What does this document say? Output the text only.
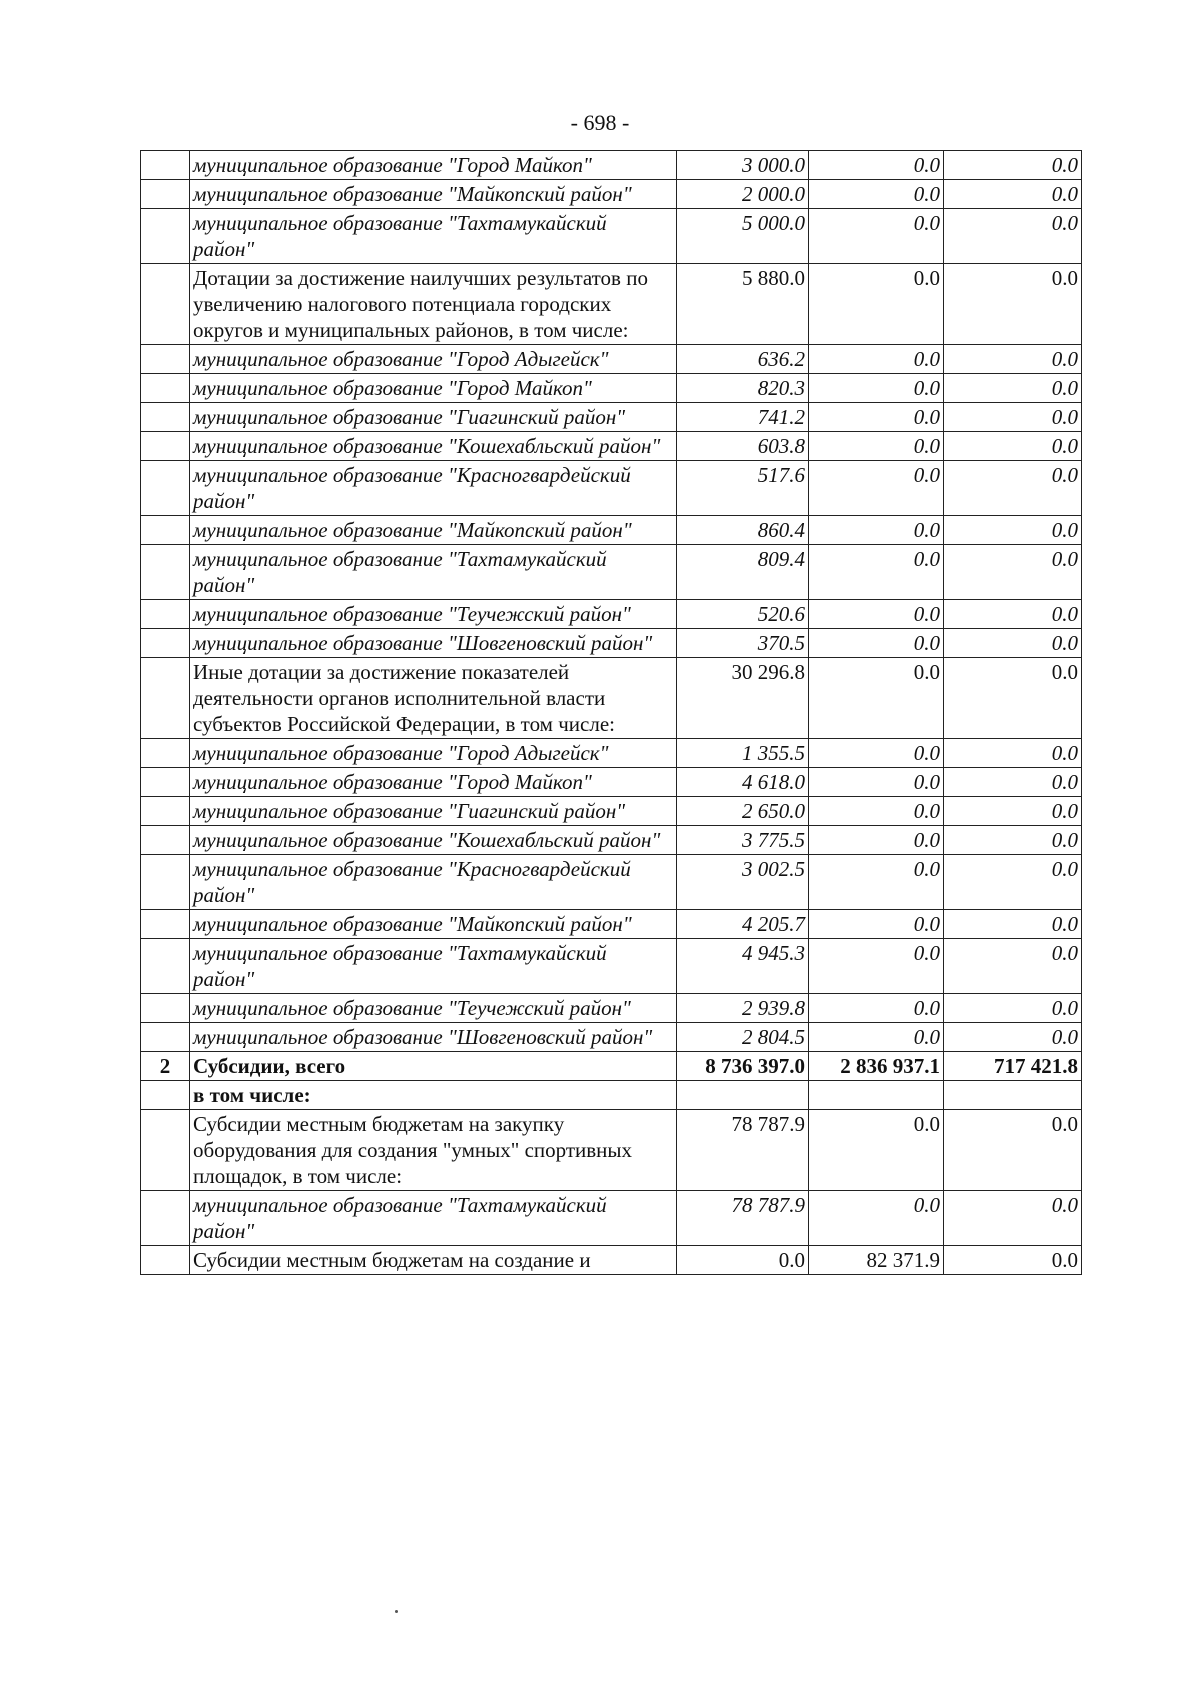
- 698 -
	муниципальное образование "Город Майкоп"	3 000.0	0.0	0.0
	муниципальное образование "Майкопский район"	2 000.0	0.0	0.0
	муниципальное образование "Тахтамукайский район"	5 000.0	0.0	0.0
	Дотации за достижение наилучших результатов по увеличению налогового потенциала городских округов и муниципальных районов, в том числе:	5 880.0	0.0	0.0
	муниципальное образование "Город Адыгейск"	636.2	0.0	0.0
	муниципальное образование "Город Майкоп"	820.3	0.0	0.0
	муниципальное образование "Гиагинский район"	741.2	0.0	0.0
	муниципальное образование "Кошехабльский район"	603.8	0.0	0.0
	муниципальное образование "Красногвардейский район"	517.6	0.0	0.0
	муниципальное образование "Майкопский район"	860.4	0.0	0.0
	муниципальное образование "Тахтамукайский район"	809.4	0.0	0.0
	муниципальное образование "Теучежский район"	520.6	0.0	0.0
	муниципальное образование "Шовгеновский район"	370.5	0.0	0.0
	Иные дотации за достижение показателей деятельности органов исполнительной власти субъектов Российской Федерации, в том числе:	30 296.8	0.0	0.0
	муниципальное образование "Город Адыгейск"	1 355.5	0.0	0.0
	муниципальное образование "Город Майкоп"	4 618.0	0.0	0.0
	муниципальное образование "Гиагинский район"	2 650.0	0.0	0.0
	муниципальное образование "Кошехабльский район"	3 775.5	0.0	0.0
	муниципальное образование "Красногвардейский район"	3 002.5	0.0	0.0
	муниципальное образование "Майкопский район"	4 205.7	0.0	0.0
	муниципальное образование "Тахтамукайский район"	4 945.3	0.0	0.0
	муниципальное образование "Теучежский район"	2 939.8	0.0	0.0
	муниципальное образование "Шовгеновский район"	2 804.5	0.0	0.0
2	Субсидии, всего	8 736 397.0	2 836 937.1	717 421.8
	в том числе:			
	Субсидии местным бюджетам на закупку оборудования для создания "умных" спортивных площадок, в том числе:	78 787.9	0.0	0.0
	муниципальное образование "Тахтамукайский район"	78 787.9	0.0	0.0
	Субсидии местным бюджетам на создание и	0.0	82 371.9	0.0
